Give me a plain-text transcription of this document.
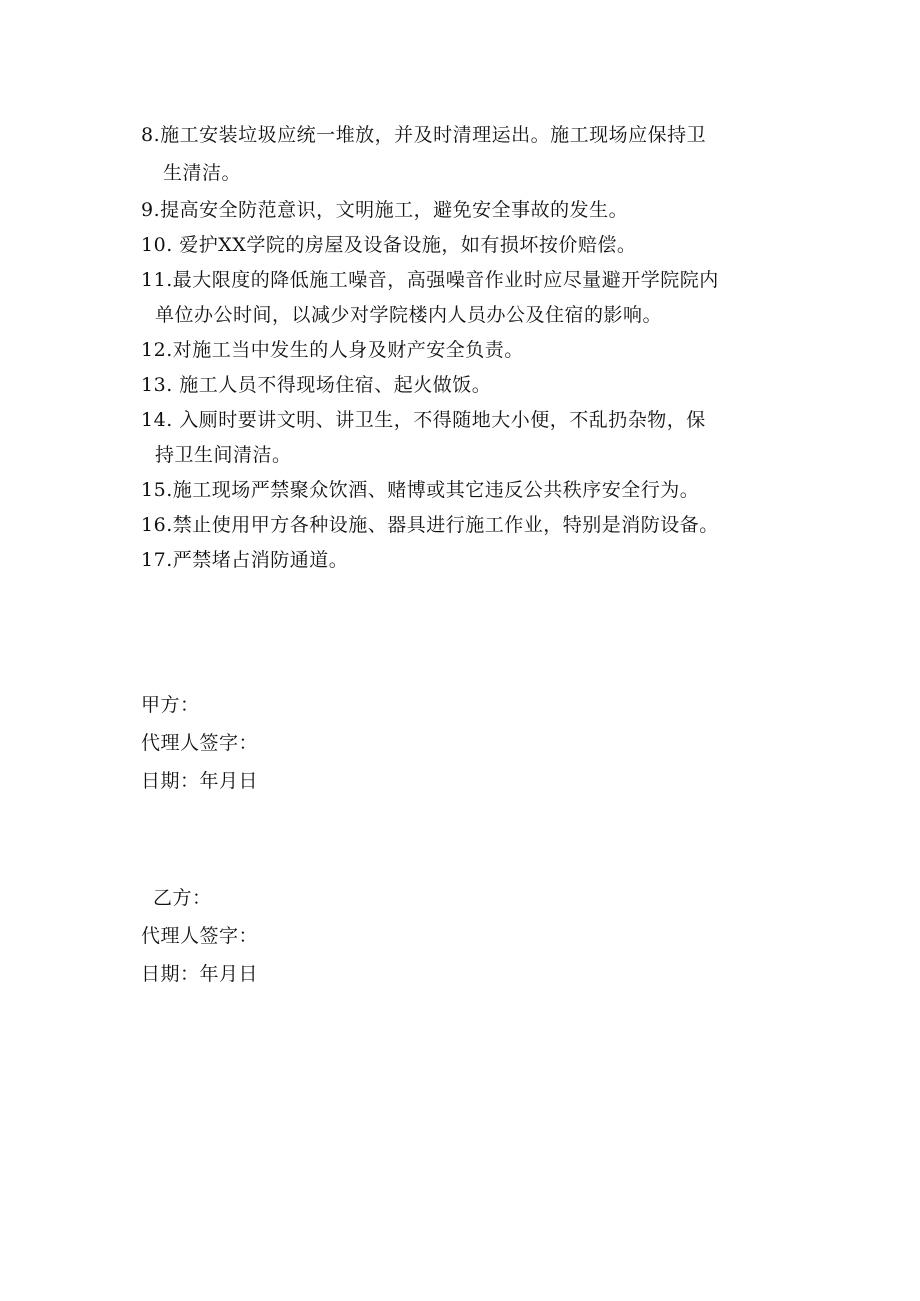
8.施工安装垃圾应统一堆放，并及时清理运出。施工现场应保持卫
生清洁。
9.提高安全防范意识，文明施工，避免安全事故的发生。
10. 爱护XX学院的房屋及设备设施，如有损坏按价赔偿。
11.最大限度的降低施工噪音，高强噪音作业时应尽量避开学院院内
单位办公时间，以减少对学院楼内人员办公及住宿的影响。
12.对施工当中发生的人身及财产安全负责。
13. 施工人员不得现场住宿、起火做饭。
14. 入厕时要讲文明、讲卫生，不得随地大小便，不乱扔杂物，保
持卫生间清洁。
15.施工现场严禁聚众饮酒、赌博或其它违反公共秩序安全行为。
16.禁止使用甲方各种设施、器具进行施工作业，特别是消防设备。
17.严禁堵占消防通道。
甲方：
代理人签字：
日期：年月日
乙方：
代理人签字：
日期：年月日
